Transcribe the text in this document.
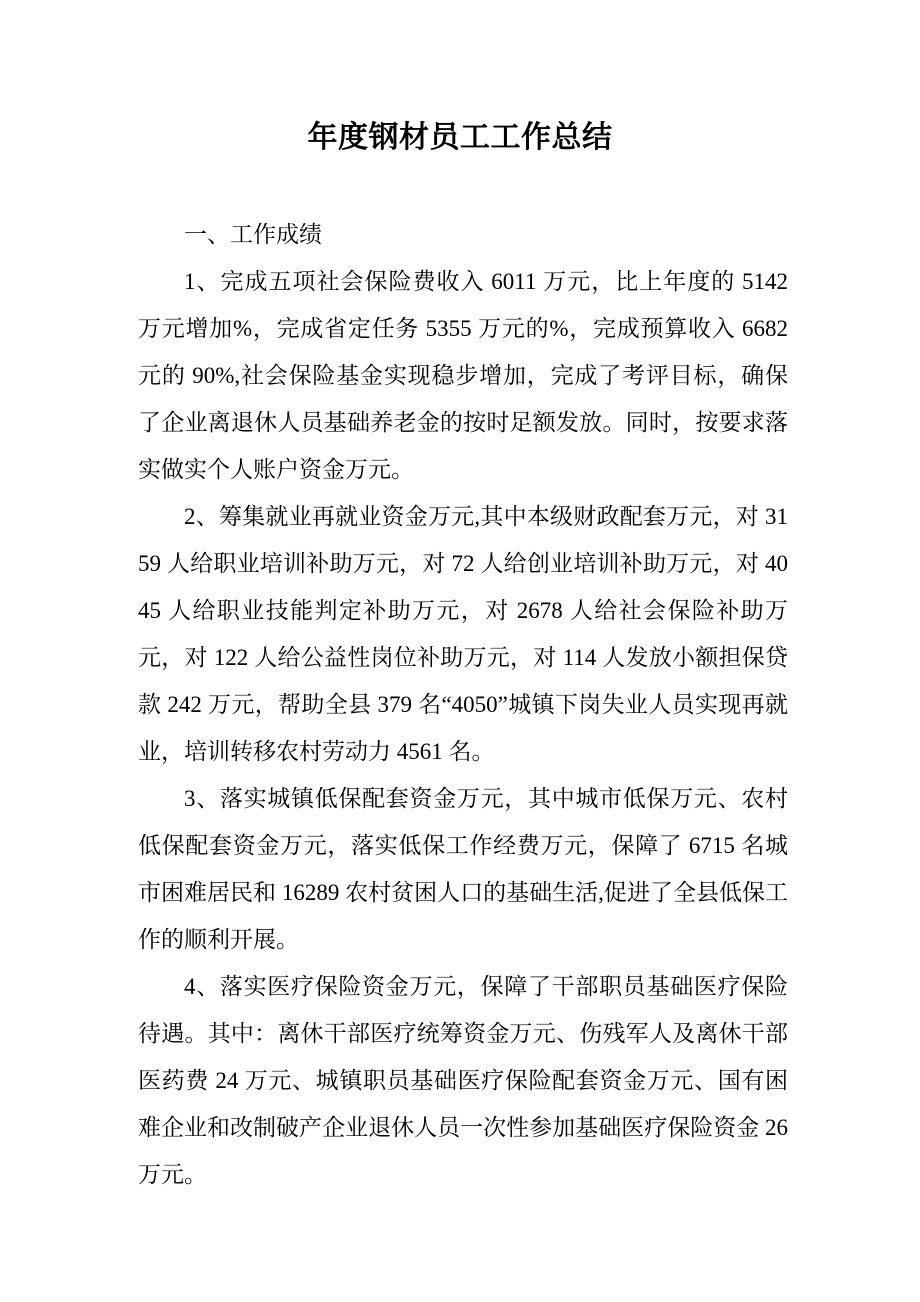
年度钢材员工工作总结

一、工作成绩

1、完成五项社会保险费收入 6011 万元，比上年度的 5142 万元增加%，完成省定任务 5355 万元的%，完成预算收入 6682 元的 90%,社会保险基金实现稳步增加，完成了考评目标，确保了企业离退休人员基础养老金的按时足额发放。同时，按要求落实做实个人账户资金万元。

2、筹集就业再就业资金万元,其中本级财政配套万元，对 3159 人给职业培训补助万元，对 72 人给创业培训补助万元，对 4045 人给职业技能判定补助万元，对 2678 人给社会保险补助万元，对 122 人给公益性岗位补助万元，对 114 人发放小额担保贷款 242 万元，帮助全县 379 名“4050”城镇下岗失业人员实现再就业，培训转移农村劳动力 4561 名。

3、落实城镇低保配套资金万元，其中城市低保万元、农村低保配套资金万元，落实低保工作经费万元，保障了 6715 名城市困难居民和 16289 农村贫困人口的基础生活,促进了全县低保工作的顺利开展。

4、落实医疗保险资金万元，保障了干部职员基础医疗保险待遇。其中：离休干部医疗统筹资金万元、伤残军人及离休干部医药费 24 万元、城镇职员基础医疗保险配套资金万元、国有困难企业和改制破产企业退休人员一次性参加基础医疗保险资金 26 万元。
